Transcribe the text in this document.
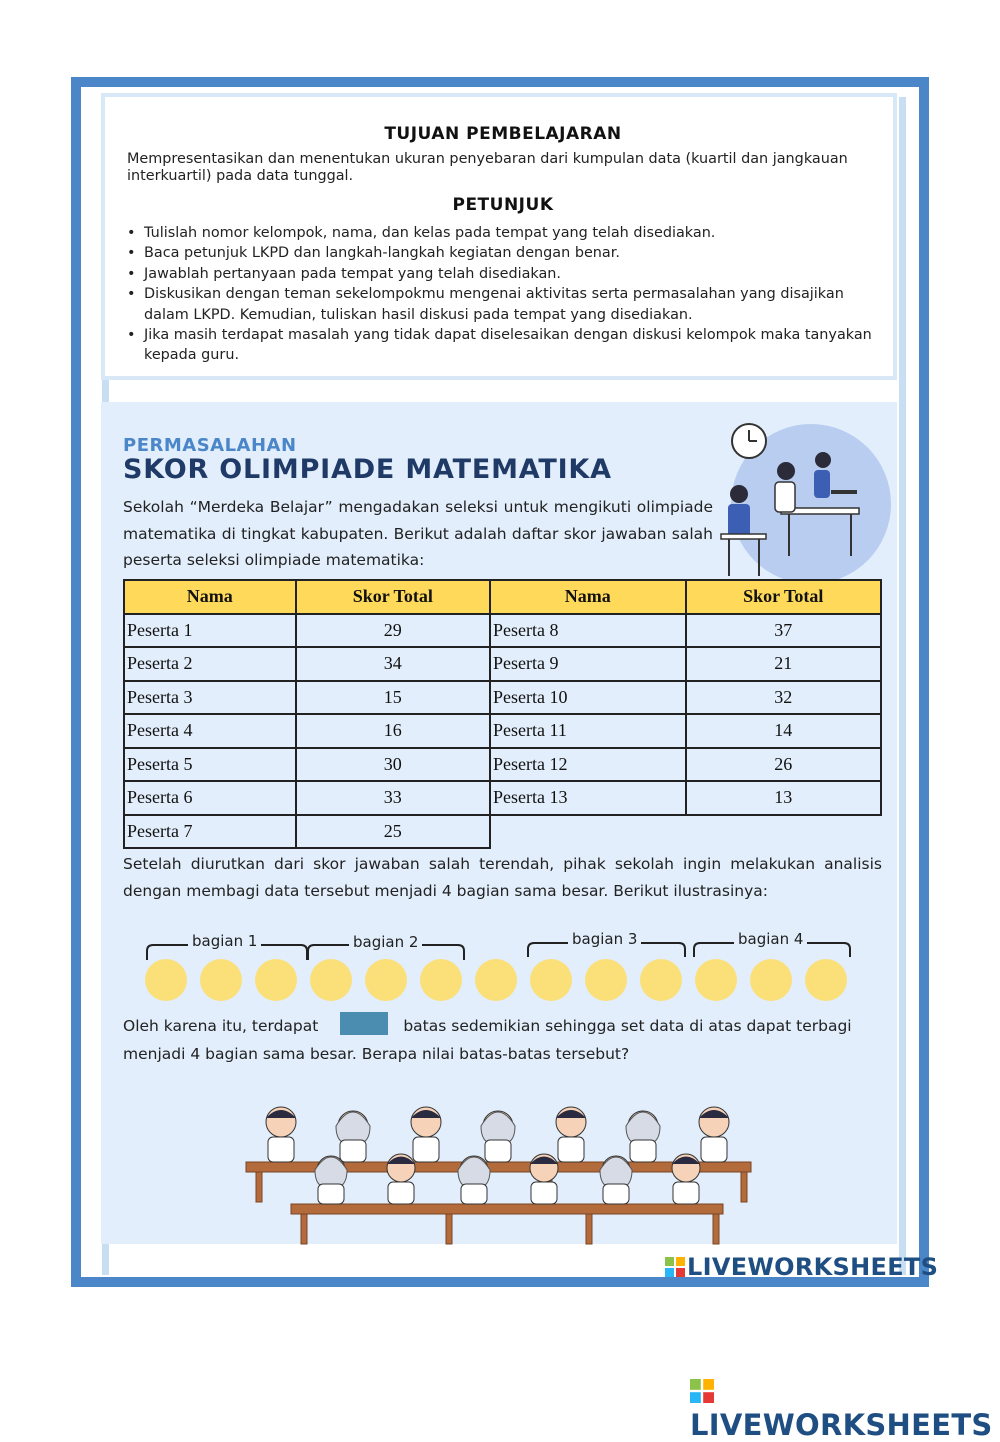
TUJUAN PEMBELAJARAN
Mempresentasikan dan menentukan ukuran penyebaran dari kumpulan data (kuartil dan jangkauan interkuartil) pada data tunggal.
PETUNJUK
• Tulislah nomor kelompok, nama, dan kelas pada tempat yang telah disediakan.
• Baca petunjuk LKPD dan langkah-langkah kegiatan dengan benar.
• Jawablah pertanyaan pada tempat yang telah disediakan.
• Diskusikan dengan teman sekelompokmu mengenai aktivitas serta permasalahan yang disajikan dalam LKPD. Kemudian, tuliskan hasil diskusi pada tempat yang disediakan.
• Jika masih terdapat masalah yang tidak dapat diselesaikan dengan diskusi kelompok maka tanyakan kepada guru.
PERMASALAHAN
SKOR OLIMPIADE MATEMATIKA
Sekolah “Merdeka Belajar” mengadakan seleksi untuk mengikuti olimpiade matematika di tingkat kabupaten. Berikut adalah daftar skor jawaban salah peserta seleksi olimpiade matematika:
Nama	Skor Total	Nama	Skor Total
Peserta 1	29	Peserta 8	37
Peserta 2	34	Peserta 9	21
Peserta 3	15	Peserta 10	32
Peserta 4	16	Peserta 11	14
Peserta 5	30	Peserta 12	26
Peserta 6	33	Peserta 13	13
Peserta 7	25		
Setelah diurutkan dari skor jawaban salah terendah, pihak sekolah ingin melakukan analisis dengan membagi data tersebut menjadi 4 bagian sama besar. Berikut ilustrasinya:
bagian 1	bagian 2	bagian 3	bagian 4
Oleh karena itu, terdapat	batas sedemikian sehingga set data di atas dapat terbagi menjadi 4 bagian sama besar. Berapa nilai batas-batas tersebut?
LIVEWORKSHEETS
LIVEWORKSHEETS
